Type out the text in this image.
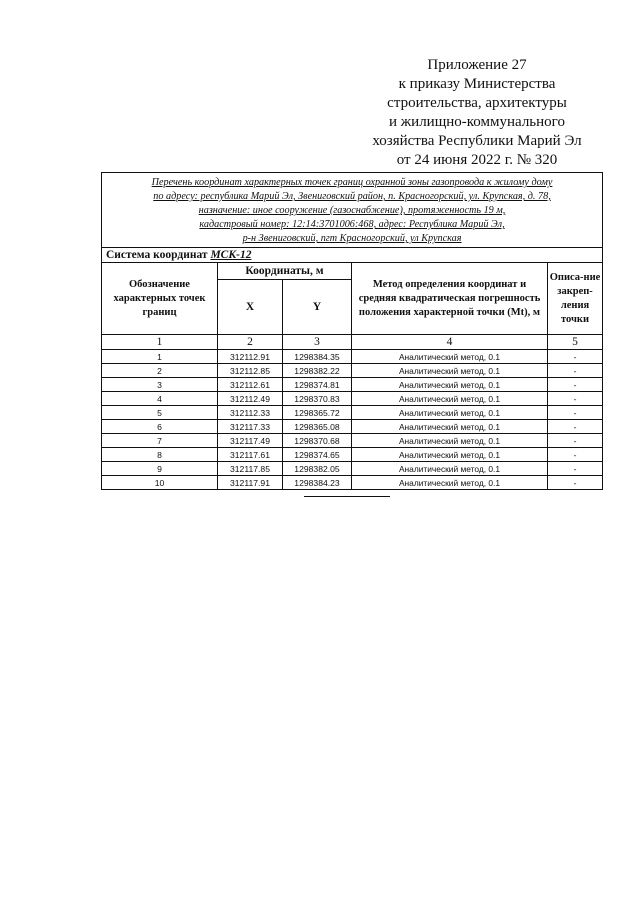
Приложение 27
к приказу Министерства
строительства, архитектуры
и жилищно-коммунального
хозяйства Республики Марий Эл
от 24 июня 2022 г. № 320
Перечень координат характерных точек границ охранной зоны газопровода к жилому дому
по адресу: республика Марий Эл, Звениговский район, п. Красногорский, ул. Крупская, д. 78,
назначение: иное сооружение (газоснабжение), протяженность 19 м,
кадастровый номер: 12:14:3701006:468, адрес: Республика Марий Эл,
р-н Звениговский, пгт Красногорский, ул Крупская				

Система координат МСК-12				
Обозначение характерных точек границ	Координаты, м		Метод определения координат и средняя квадратическая погрешность положения характерной точки (Mt), м	Описа-ние закреп-ления точки
	X	Y		
1	2	3	4	5
1	312112.91	1298384.35	Аналитический метод, 0.1	-
2	312112.85	1298382.22	Аналитический метод, 0.1	-
3	312112.61	1298374.81	Аналитический метод, 0.1	-
4	312112.49	1298370.83	Аналитический метод, 0.1	-
5	312112.33	1298365.72	Аналитический метод, 0.1	-
6	312117.33	1298365.08	Аналитический метод, 0.1	-
7	312117.49	1298370.68	Аналитический метод, 0.1	-
8	312117.61	1298374.65	Аналитический метод, 0.1	-
9	312117.85	1298382.05	Аналитический метод, 0.1	-
10	312117.91	1298384.23	Аналитический метод, 0.1	-
